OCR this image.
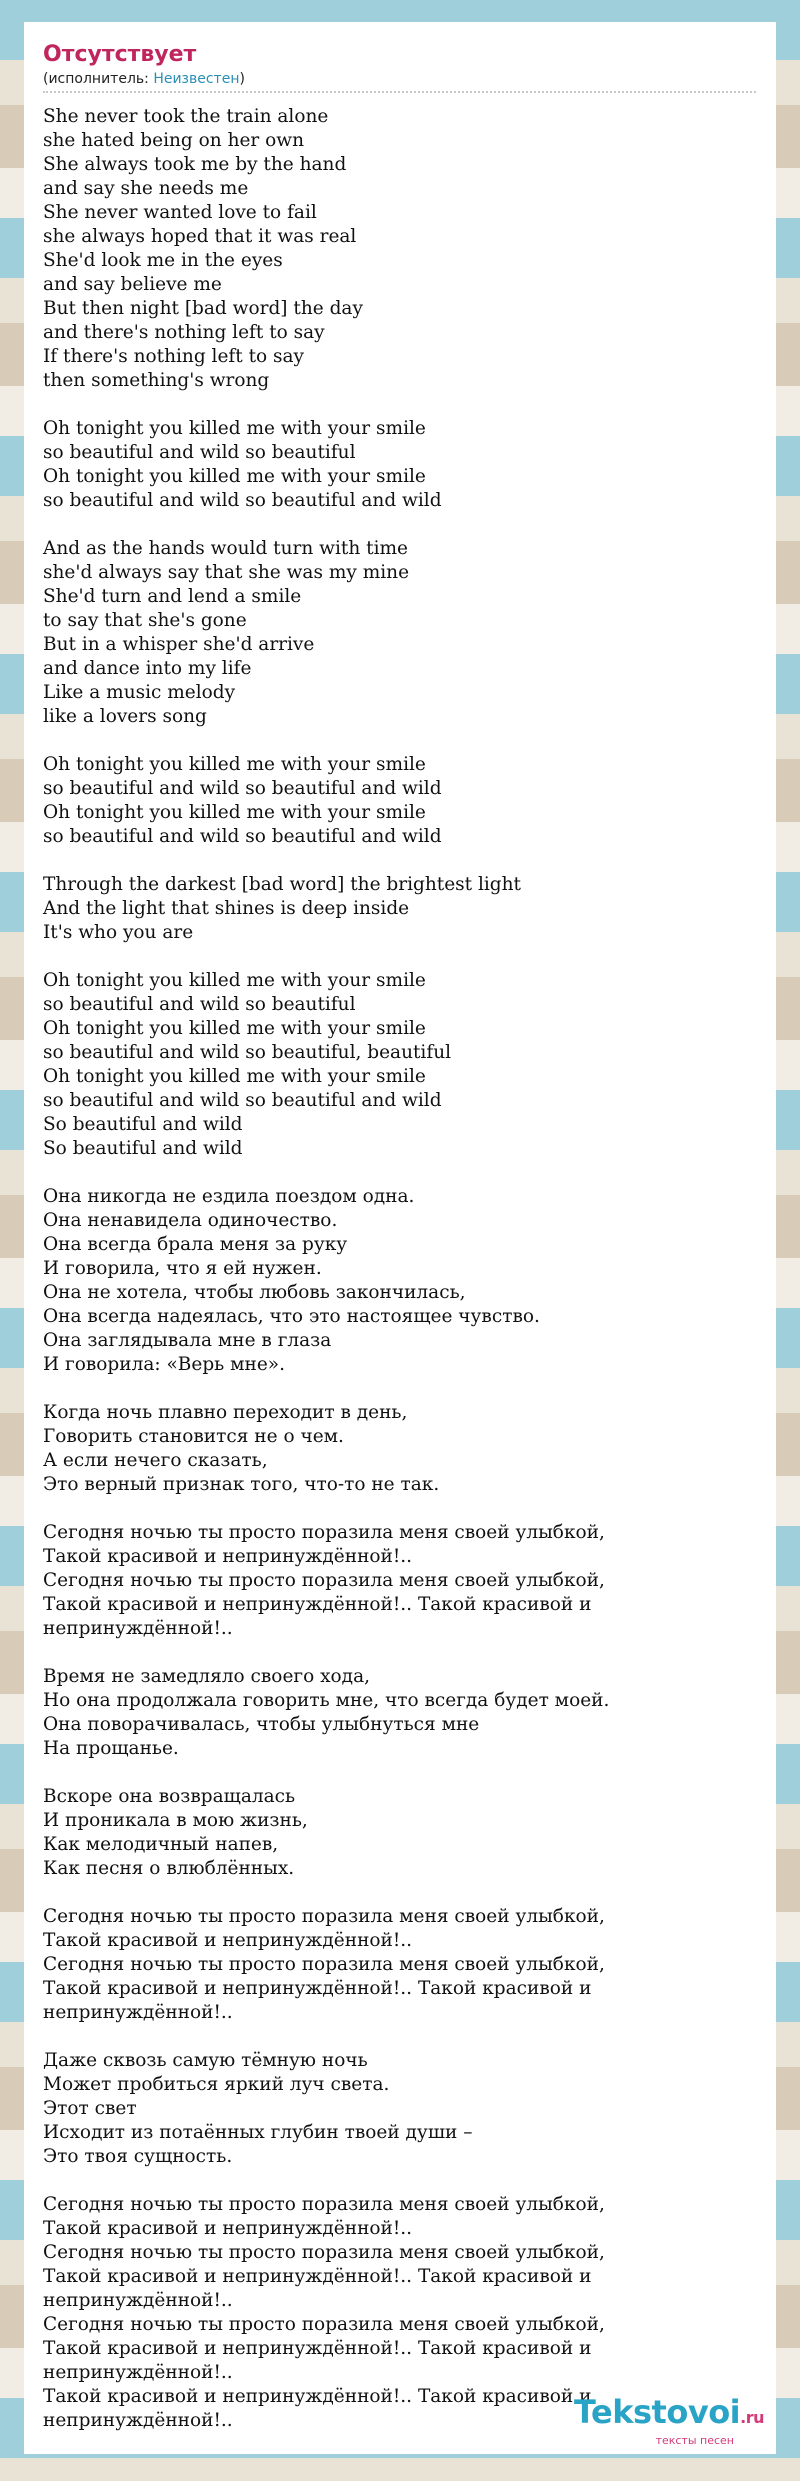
Отсутствует
(исполнитель: Неизвестен)
She never took the train alone
she hated being on her own
She always took me by the hand
and say she needs me
She never wanted love to fail
she always hoped that it was real
She'd look me in the eyes
and say believe me
But then night [bad word] the day
and there's nothing left to say
If there's nothing left to say
then something's wrong

Oh tonight you killed me with your smile
so beautiful and wild so beautiful
Oh tonight you killed me with your smile
so beautiful and wild so beautiful and wild

And as the hands would turn with time
she'd always say that she was my mine
She'd turn and lend a smile
to say that she's gone
But in a whisper she'd arrive
and dance into my life
Like a music melody
like a lovers song

Oh tonight you killed me with your smile
so beautiful and wild so beautiful and wild
Oh tonight you killed me with your smile
so beautiful and wild so beautiful and wild

Through the darkest [bad word] the brightest light
And the light that shines is deep inside
It's who you are

Oh tonight you killed me with your smile
so beautiful and wild so beautiful
Oh tonight you killed me with your smile
so beautiful and wild so beautiful, beautiful
Oh tonight you killed me with your smile
so beautiful and wild so beautiful and wild
So beautiful and wild
So beautiful and wild

Она никогда не ездила поездом одна.
Она ненавидела одиночество.
Она всегда брала меня за руку
И говорила, что я ей нужен.
Она не хотела, чтобы любовь закончилась,
Она всегда надеялась, что это настоящее чувство.
Она заглядывала мне в глаза
И говорила: «Верь мне».

Когда ночь плавно переходит в день,
Говорить становится не о чем.
А если нечего сказать,
Это верный признак того, что-то не так.

Сегодня ночью ты просто поразила меня своей улыбкой,
Такой красивой и непринуждённой!..
Сегодня ночью ты просто поразила меня своей улыбкой,
Такой красивой и непринуждённой!.. Такой красивой и
непринуждённой!..

Время не замедляло своего хода,
Но она продолжала говорить мне, что всегда будет моей.
Она поворачивалась, чтобы улыбнуться мне
На прощанье.

Вскоре она возвращалась
И проникала в мою жизнь,
Как мелодичный напев,
Как песня о влюблённых.

Сегодня ночью ты просто поразила меня своей улыбкой,
Такой красивой и непринуждённой!..
Сегодня ночью ты просто поразила меня своей улыбкой,
Такой красивой и непринуждённой!.. Такой красивой и
непринуждённой!..

Даже сквозь самую тёмную ночь
Может пробиться яркий луч света.
Этот свет
Исходит из потаённых глубин твоей души –
Это твоя сущность.

Сегодня ночью ты просто поразила меня своей улыбкой,
Такой красивой и непринуждённой!..
Сегодня ночью ты просто поразила меня своей улыбкой,
Такой красивой и непринуждённой!.. Такой красивой и
непринуждённой!..
Сегодня ночью ты просто поразила меня своей улыбкой,
Такой красивой и непринуждённой!.. Такой красивой и
непринуждённой!..
Такой красивой и непринуждённой!.. Такой красивой и
непринуждённой!..	Tekstovoi.ru
тексты песен
